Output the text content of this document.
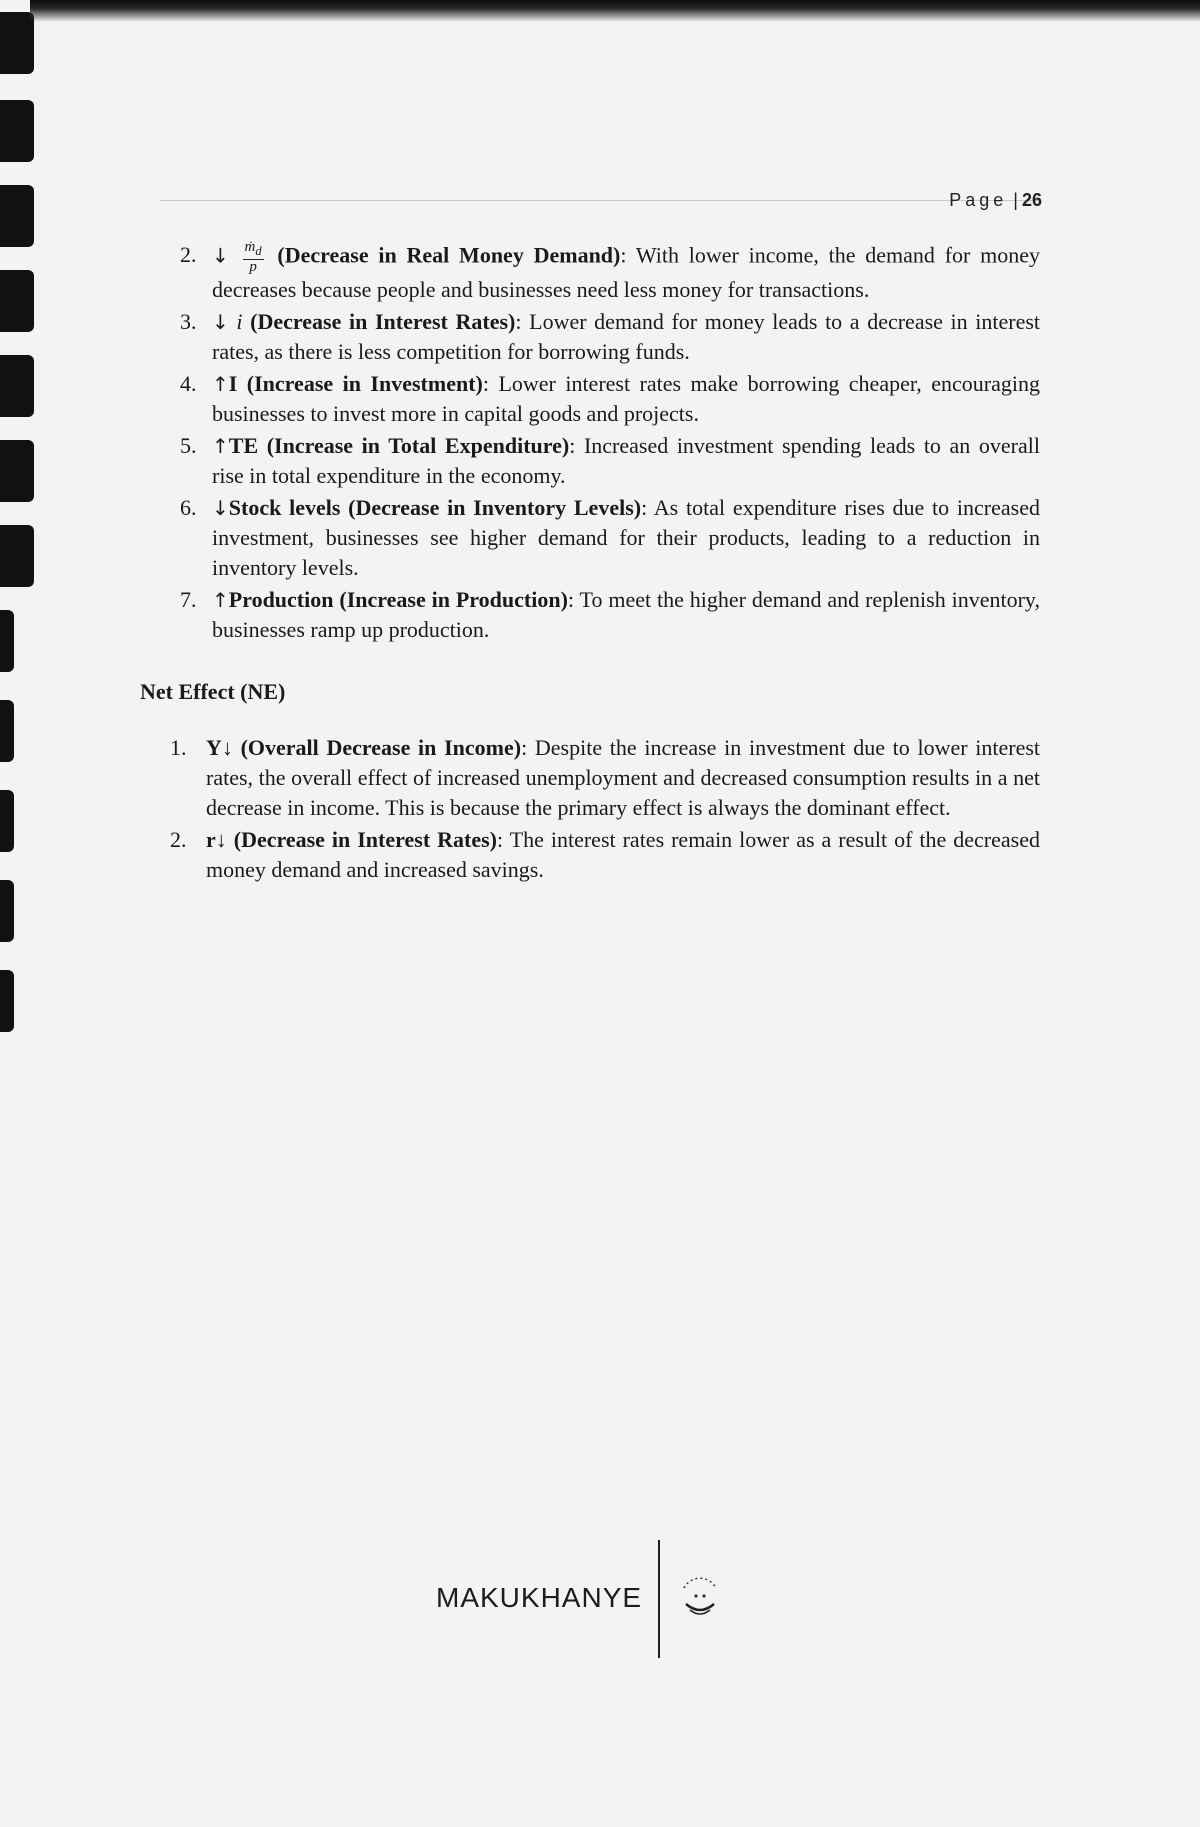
Page | 26
2. ↓ $\frac{ṁ_d}{p}$ (Decrease in Real Money Demand): With lower income, the demand for money decreases because people and businesses need less money for transactions.
3. ↓ i (Decrease in Interest Rates): Lower demand for money leads to a decrease in interest rates, as there is less competition for borrowing funds.
4. ↑I (Increase in Investment): Lower interest rates make borrowing cheaper, encouraging businesses to invest more in capital goods and projects.
5. ↑TE (Increase in Total Expenditure): Increased investment spending leads to an overall rise in total expenditure in the economy.
6. ↓Stock levels (Decrease in Inventory Levels): As total expenditure rises due to increased investment, businesses see higher demand for their products, leading to a reduction in inventory levels.
7. ↑Production (Increase in Production): To meet the higher demand and replenish inventory, businesses ramp up production.
Net Effect (NE)
1. Y↓ (Overall Decrease in Income): Despite the increase in investment due to lower interest rates, the overall effect of increased unemployment and decreased consumption results in a net decrease in income. This is because the primary effect is always the dominant effect.
2. r↓ (Decrease in Interest Rates): The interest rates remain lower as a result of the decreased money demand and increased savings.
MAKUKHANYE
